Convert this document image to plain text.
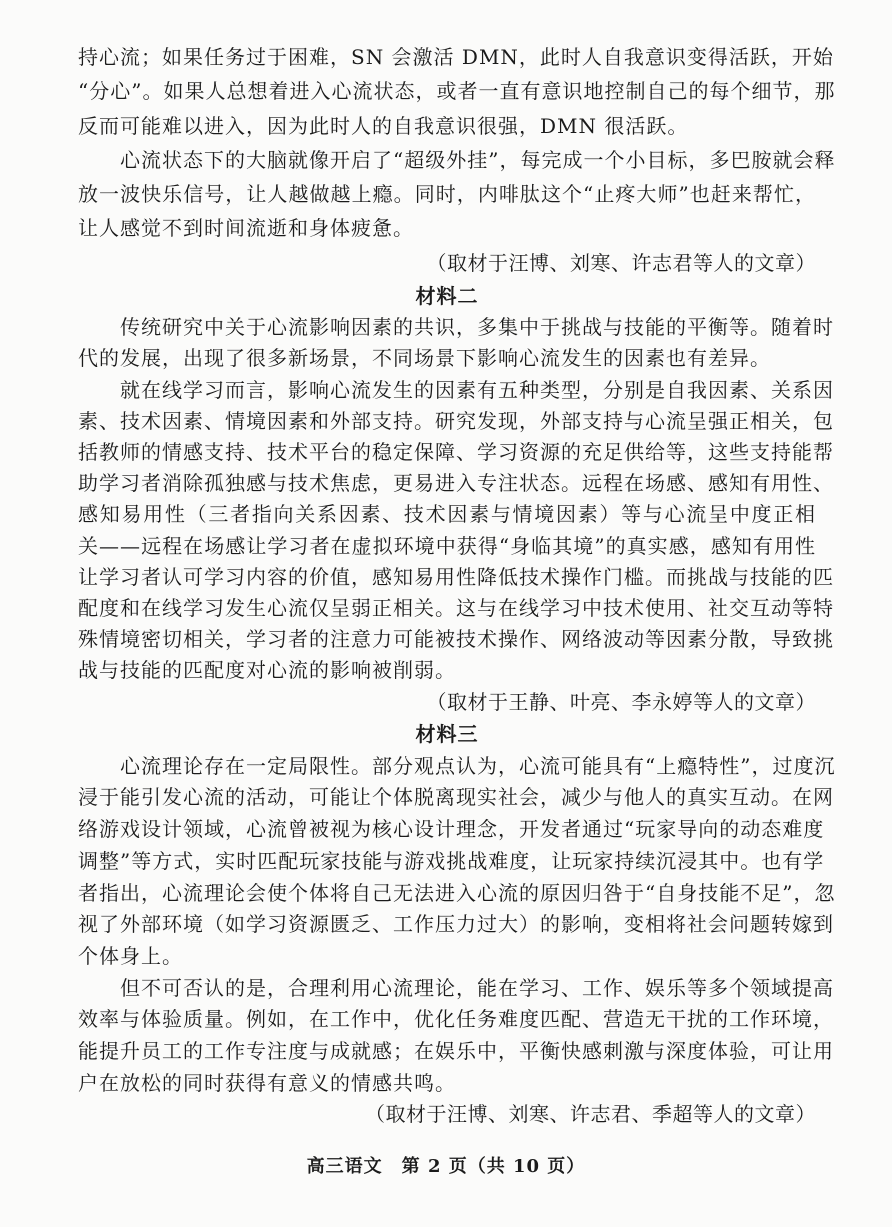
持心流；如果任务过于困难，SN 会激活 DMN，此时人自我意识变得活跃，开始
“分心”。如果人总想着进入心流状态，或者一直有意识地控制自己的每个细节，那
反而可能难以进入，因为此时人的自我意识很强，DMN 很活跃。
心流状态下的大脑就像开启了“超级外挂”，每完成一个小目标，多巴胺就会释
放一波快乐信号，让人越做越上瘾。同时，内啡肽这个“止疼大师”也赶来帮忙，
让人感觉不到时间流逝和身体疲惫。
（取材于汪博、刘寒、许志君等人的文章）
材料二
传统研究中关于心流影响因素的共识，多集中于挑战与技能的平衡等。随着时
代的发展，出现了很多新场景，不同场景下影响心流发生的因素也有差异。
就在线学习而言，影响心流发生的因素有五种类型，分别是自我因素、关系因
素、技术因素、情境因素和外部支持。研究发现，外部支持与心流呈强正相关，包
括教师的情感支持、技术平台的稳定保障、学习资源的充足供给等，这些支持能帮
助学习者消除孤独感与技术焦虑，更易进入专注状态。远程在场感、感知有用性、
感知易用性（三者指向关系因素、技术因素与情境因素）等与心流呈中度正相
关——远程在场感让学习者在虚拟环境中获得“身临其境”的真实感，感知有用性
让学习者认可学习内容的价值，感知易用性降低技术操作门槛。而挑战与技能的匹
配度和在线学习发生心流仅呈弱正相关。这与在线学习中技术使用、社交互动等特
殊情境密切相关，学习者的注意力可能被技术操作、网络波动等因素分散，导致挑
战与技能的匹配度对心流的影响被削弱。
（取材于王静、叶亮、李永婷等人的文章）
材料三
心流理论存在一定局限性。部分观点认为，心流可能具有“上瘾特性”，过度沉
浸于能引发心流的活动，可能让个体脱离现实社会，减少与他人的真实互动。在网
络游戏设计领域，心流曾被视为核心设计理念，开发者通过“玩家导向的动态难度
调整”等方式，实时匹配玩家技能与游戏挑战难度，让玩家持续沉浸其中。也有学
者指出，心流理论会使个体将自己无法进入心流的原因归咎于“自身技能不足”，忽
视了外部环境（如学习资源匮乏、工作压力过大）的影响，变相将社会问题转嫁到
个体身上。
但不可否认的是，合理利用心流理论，能在学习、工作、娱乐等多个领域提高
效率与体验质量。例如，在工作中，优化任务难度匹配、营造无干扰的工作环境，
能提升员工的工作专注度与成就感；在娱乐中，平衡快感刺激与深度体验，可让用
户在放松的同时获得有意义的情感共鸣。
（取材于汪博、刘寒、许志君、季超等人的文章）
高三语文　第 2 页（共 10 页）
